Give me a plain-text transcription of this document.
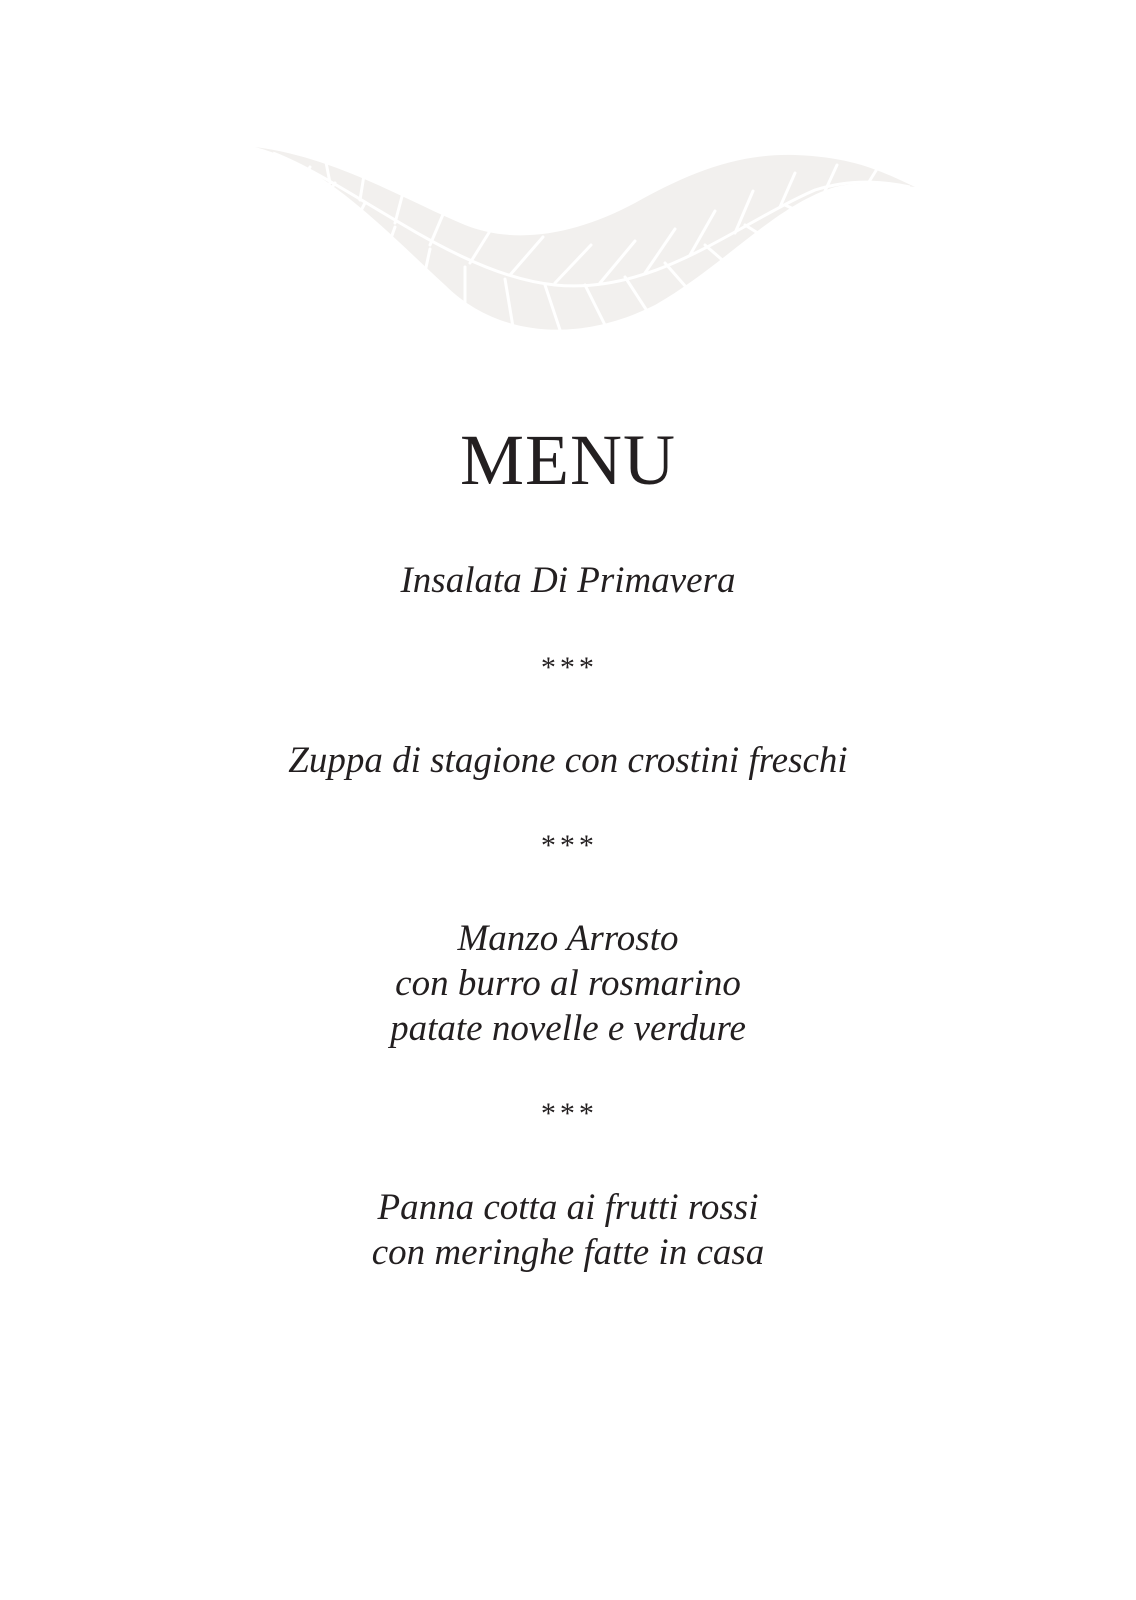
MENU
Insalata Di Primavera
***
Zuppa di stagione con crostini freschi
***
Manzo Arrosto
con burro al rosmarino
patate novelle e verdure
***
Panna cotta ai frutti rossi
con meringhe fatte in casa
